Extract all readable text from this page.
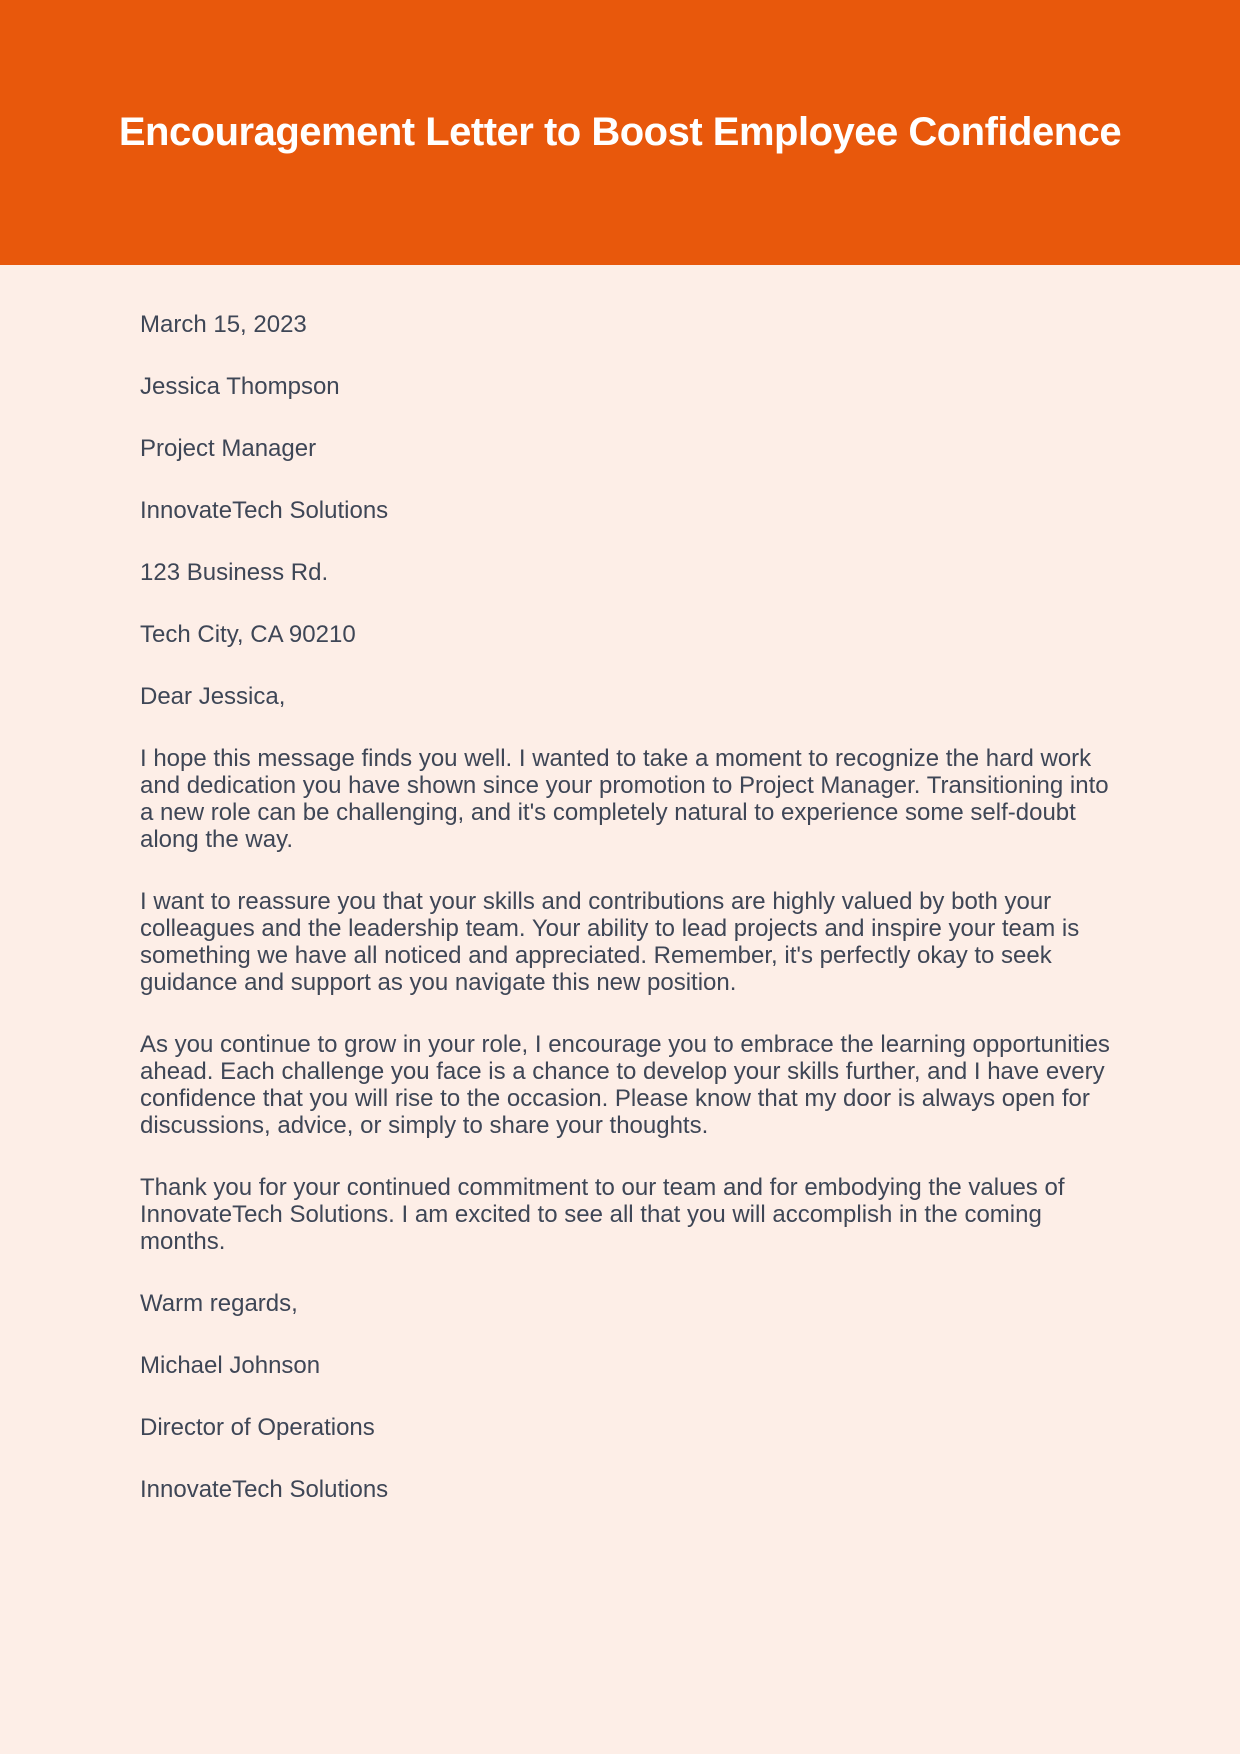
Encouragement Letter to Boost Employee Confidence

March 15, 2023

Jessica Thompson

Project Manager

InnovateTech Solutions

123 Business Rd.

Tech City, CA 90210

Dear Jessica,

I hope this message finds you well. I wanted to take a moment to recognize the hard work and dedication you have shown since your promotion to Project Manager. Transitioning into a new role can be challenging, and it's completely natural to experience some self-doubt along the way.

I want to reassure you that your skills and contributions are highly valued by both your colleagues and the leadership team. Your ability to lead projects and inspire your team is something we have all noticed and appreciated. Remember, it's perfectly okay to seek guidance and support as you navigate this new position.

As you continue to grow in your role, I encourage you to embrace the learning opportunities ahead. Each challenge you face is a chance to develop your skills further, and I have every confidence that you will rise to the occasion. Please know that my door is always open for discussions, advice, or simply to share your thoughts.

Thank you for your continued commitment to our team and for embodying the values of InnovateTech Solutions. I am excited to see all that you will accomplish in the coming months.

Warm regards,

Michael Johnson

Director of Operations

InnovateTech Solutions
